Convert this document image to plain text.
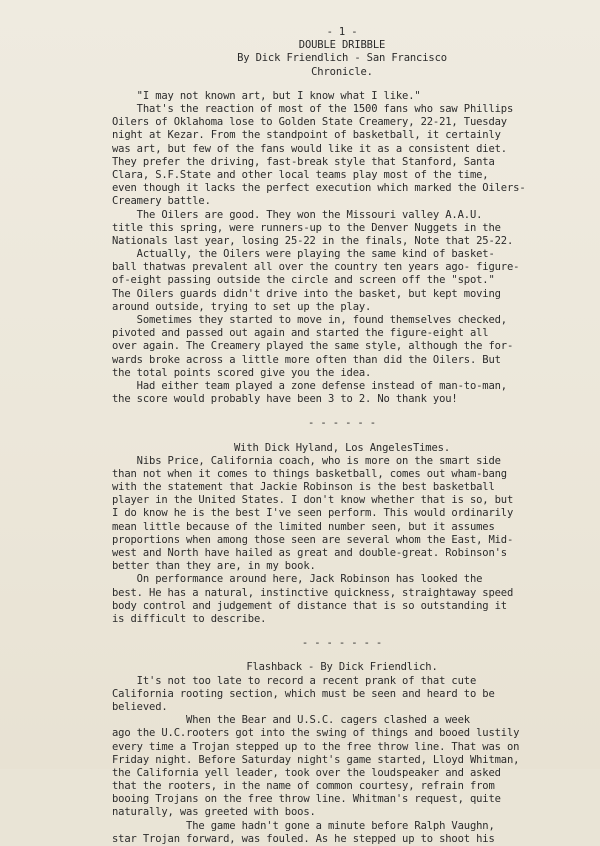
- 1 -
DOUBLE DRIBBLE
By Dick Friendlich - San Francisco
Chronicle.
"I may not known art, but I know what I like."
That's the reaction of most of the 1500 fans who saw Phillips
Oilers of Oklahoma lose to Golden State Creamery, 22-21, Tuesday
night at Kezar. From the standpoint of basketball, it certainly
was art, but few of the fans would like it as a consistent diet.
They prefer the driving, fast-break style that Stanford, Santa
Clara, S.F.State and other local teams play most of the time,
even though it lacks the perfect execution which marked the Oilers-
Creamery battle.
The Oilers are good. They won the Missouri valley A.A.U.
title this spring, were runners-up to the Denver Nuggets in the
Nationals last year, losing 25-22 in the finals, Note that 25-22.
Actually, the Oilers were playing the same kind of basket-
ball thatwas prevalent all over the country ten years ago- figure-
of-eight passing outside the circle and screen off the "spot."
The Oilers guards didn't drive into the basket, but kept moving
around outside, trying to set up the play.
Sometimes they started to move in, found themselves checked,
pivoted and passed out again and started the figure-eight all
over again. The Creamery played the same style, although the for-
wards broke across a little more often than did the Oilers. But
the total points scored give you the idea.
Had either team played a zone defense instead of man-to-man,
the score would probably have been 3 to 2. No thank you!
- - - - - -
With Dick Hyland, Los AngelesTimes.
Nibs Price, California coach, who is more on the smart side
than not when it comes to things basketball, comes out wham-bang
with the statement that Jackie Robinson is the best basketball
player in the United States. I don't know whether that is so, but
I do know he is the best I've seen perform. This would ordinarily
mean little because of the limited number seen, but it assumes
proportions when among those seen are several whom the East, Mid-
west and North have hailed as great and double-great. Robinson's
better than they are, in my book.
On performance around here, Jack Robinson has looked the
best. He has a natural, instinctive quickness, straightaway speed
body control and judgement of distance that is so outstanding it
is difficult to describe.
- - - - - - -
Flashback - By Dick Friendlich.
It's not too late to record a recent prank of that cute
California rooting section, which must be seen and heard to be
believed.
When the Bear and U.S.C. cagers clashed a week
ago the U.C.rooters got into the swing of things and booed lustily
every time a Trojan stepped up to the free throw line. That was on
Friday night. Before Saturday night's game started, Lloyd Whitman,
the California yell leader, took over the loudspeaker and asked
that the rooters, in the name of common courtesy, refrain from
booing Trojans on the free throw line. Whitman's request, quite
naturally, was greeted with boos.
The game hadn't gone a minute before Ralph Vaughn,
star Trojan forward, was fouled. As he stepped up to shoot his
